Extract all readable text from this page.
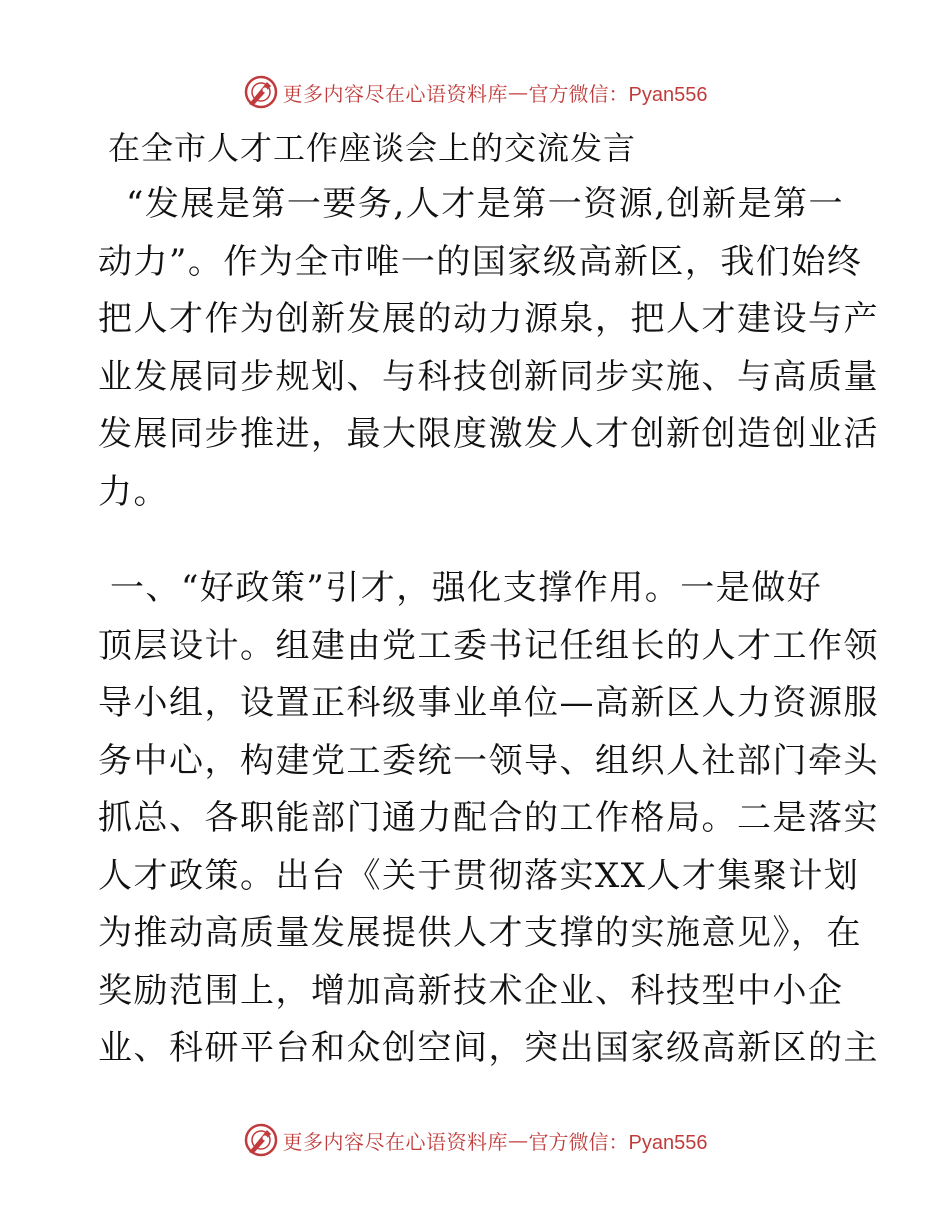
更多内容尽在心语资料库 — 官方微信：Pyan556
在全市人才工作座谈会上的交流发言
“发展是第一要务,人才是第一资源,创新是第一
动力”。作为全市唯一的国家级高新区，我们始终
把人才作为创新发展的动力源泉，把人才建设与产
业发展同步规划、与科技创新同步实施、与高质量
发展同步推进，最大限度激发人才创新创造创业活
力。
一、“好政策”引才，强化支撑作用。一是做好
顶层设计。组建由党工委书记任组长的人才工作领
导小组，设置正科级事业单位—高新区人力资源服
务中心，构建党工委统一领导、组织人社部门牵头
抓总、各职能部门通力配合的工作格局。二是落实
人才政策。出台《关于贯彻落实XX人才集聚计划
为推动高质量发展提供人才支撑的实施意见》，在
奖励范围上，增加高新技术企业、科技型中小企
业、科研平台和众创空间，突出国家级高新区的主
更多内容尽在心语资料库 — 官方微信：Pyan556
